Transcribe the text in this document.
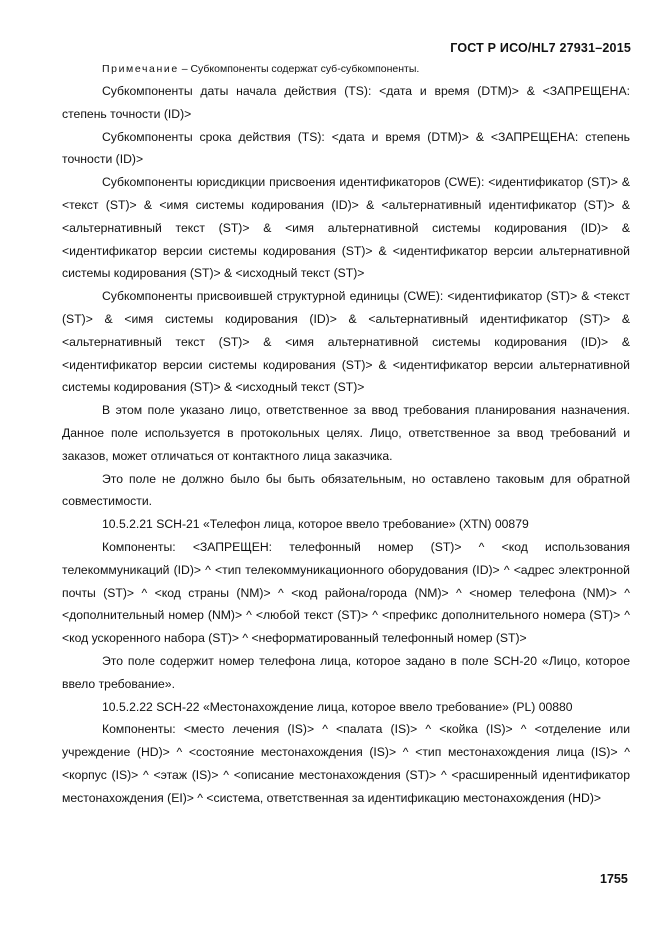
ГОСТ Р ИСО/HL7 27931–2015
Примечание – Субкомпоненты содержат суб-субкомпоненты.

Субкомпоненты даты начала действия (TS): <дата и время (DTM)> & <ЗАПРЕЩЕНА: степень точности (ID)>

Субкомпоненты срока действия (TS): <дата и время (DTM)> & <ЗАПРЕЩЕНА: степень точности (ID)>

Субкомпоненты юрисдикции присвоения идентификаторов (CWE): <идентификатор (ST)> & <текст (ST)> & <имя системы кодирования (ID)> & <альтернативный идентификатор (ST)> & <альтернативный текст (ST)> & <имя альтернативной системы кодирования (ID)> & <идентификатор версии системы кодирования (ST)> & <идентификатор версии альтернативной системы кодирования (ST)> & <исходный текст (ST)>

Субкомпоненты присвоившей структурной единицы (CWE): <идентификатор (ST)> & <текст (ST)> & <имя системы кодирования (ID)> & <альтернативный идентификатор (ST)> & <альтернативный текст (ST)> & <имя альтернативной системы кодирования (ID)> & <идентификатор версии системы кодирования (ST)> & <идентификатор версии альтернативной системы кодирования (ST)> & <исходный текст (ST)>

В этом поле указано лицо, ответственное за ввод требования планирования назначения. Данное поле используется в протокольных целях. Лицо, ответственное за ввод требований и заказов, может отличаться от контактного лица заказчика.

Это поле не должно было бы быть обязательным, но оставлено таковым для обратной совместимости.

10.5.2.21 SCH-21 «Телефон лица, которое ввело требование» (XTN) 00879

Компоненты: <ЗАПРЕЩЕН: телефонный номер (ST)> ^ <код использования телекоммуникаций (ID)> ^ <тип телекоммуникационного оборудования (ID)> ^ <адрес электронной почты (ST)> ^ <код страны (NM)> ^ <код района/города (NM)> ^ <номер телефона (NM)> ^ <дополнительный номер (NM)> ^ <любой текст (ST)> ^ <префикс дополнительного номера (ST)> ^ <код ускоренного набора (ST)> ^ <неформатированный телефонный номер (ST)>

Это поле содержит номер телефона лица, которое задано в поле SCH-20 «Лицо, которое ввело требование».

10.5.2.22 SCH-22 «Местонахождение лица, которое ввело требование» (PL) 00880

Компоненты: <место лечения (IS)> ^ <палата (IS)> ^ <койка (IS)> ^ <отделение или учреждение (HD)> ^ <состояние местонахождения (IS)> ^ <тип местонахождения лица (IS)> ^ <корпус (IS)> ^ <этаж (IS)> ^ <описание местонахождения (ST)> ^ <расширенный идентификатор местонахождения (EI)> ^ <система, ответственная за идентификацию местонахождения (HD)>

1755
